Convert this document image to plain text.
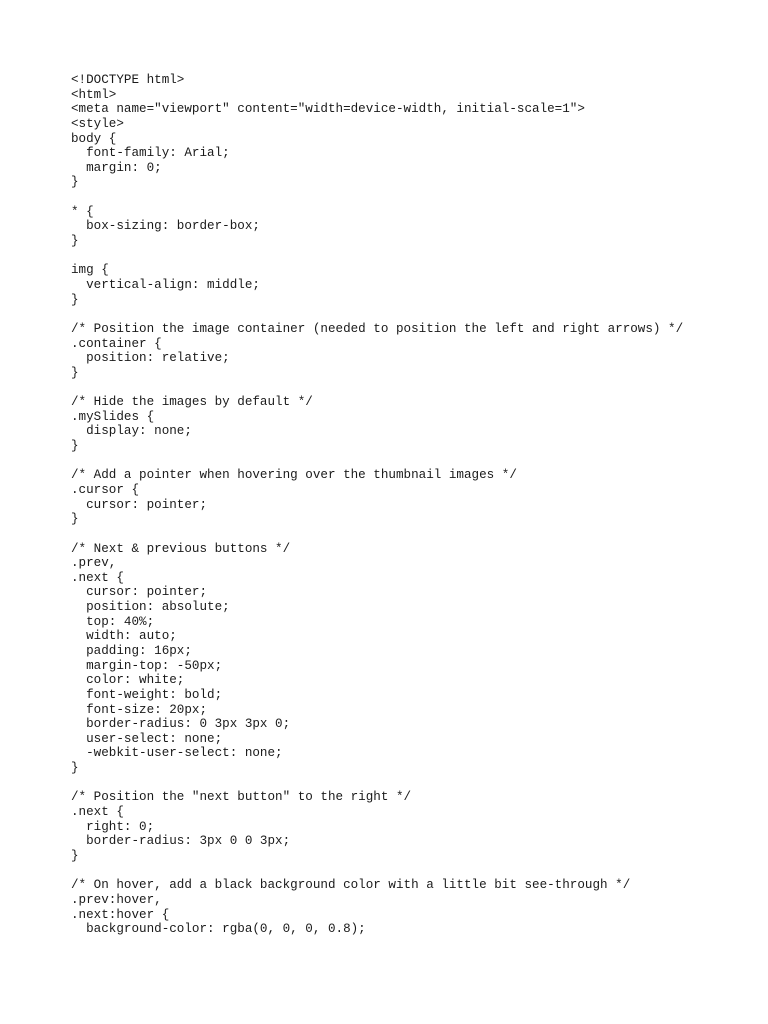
<!DOCTYPE html>
<html>
<meta name="viewport" content="width=device-width, initial-scale=1">
<style>
body {
font-family: Arial;
margin: 0;
}
* {
box-sizing: border-box;
}
img {
vertical-align: middle;
}
/* Position the image container (needed to position the left and right arrows) */
.container {
position: relative;
}
/* Hide the images by default */
.mySlides {
display: none;
}
/* Add a pointer when hovering over the thumbnail images */
.cursor {
cursor: pointer;
}
/* Next & previous buttons */
.prev,
.next {
cursor: pointer;
position: absolute;
top: 40%;
width: auto;
padding: 16px;
margin-top: -50px;
color: white;
font-weight: bold;
font-size: 20px;
border-radius: 0 3px 3px 0;
user-select: none;
-webkit-user-select: none;
}
/* Position the "next button" to the right */
.next {
right: 0;
border-radius: 3px 0 0 3px;
}
/* On hover, add a black background color with a little bit see-through */
.prev:hover,
.next:hover {
background-color: rgba(0, 0, 0, 0.8);
